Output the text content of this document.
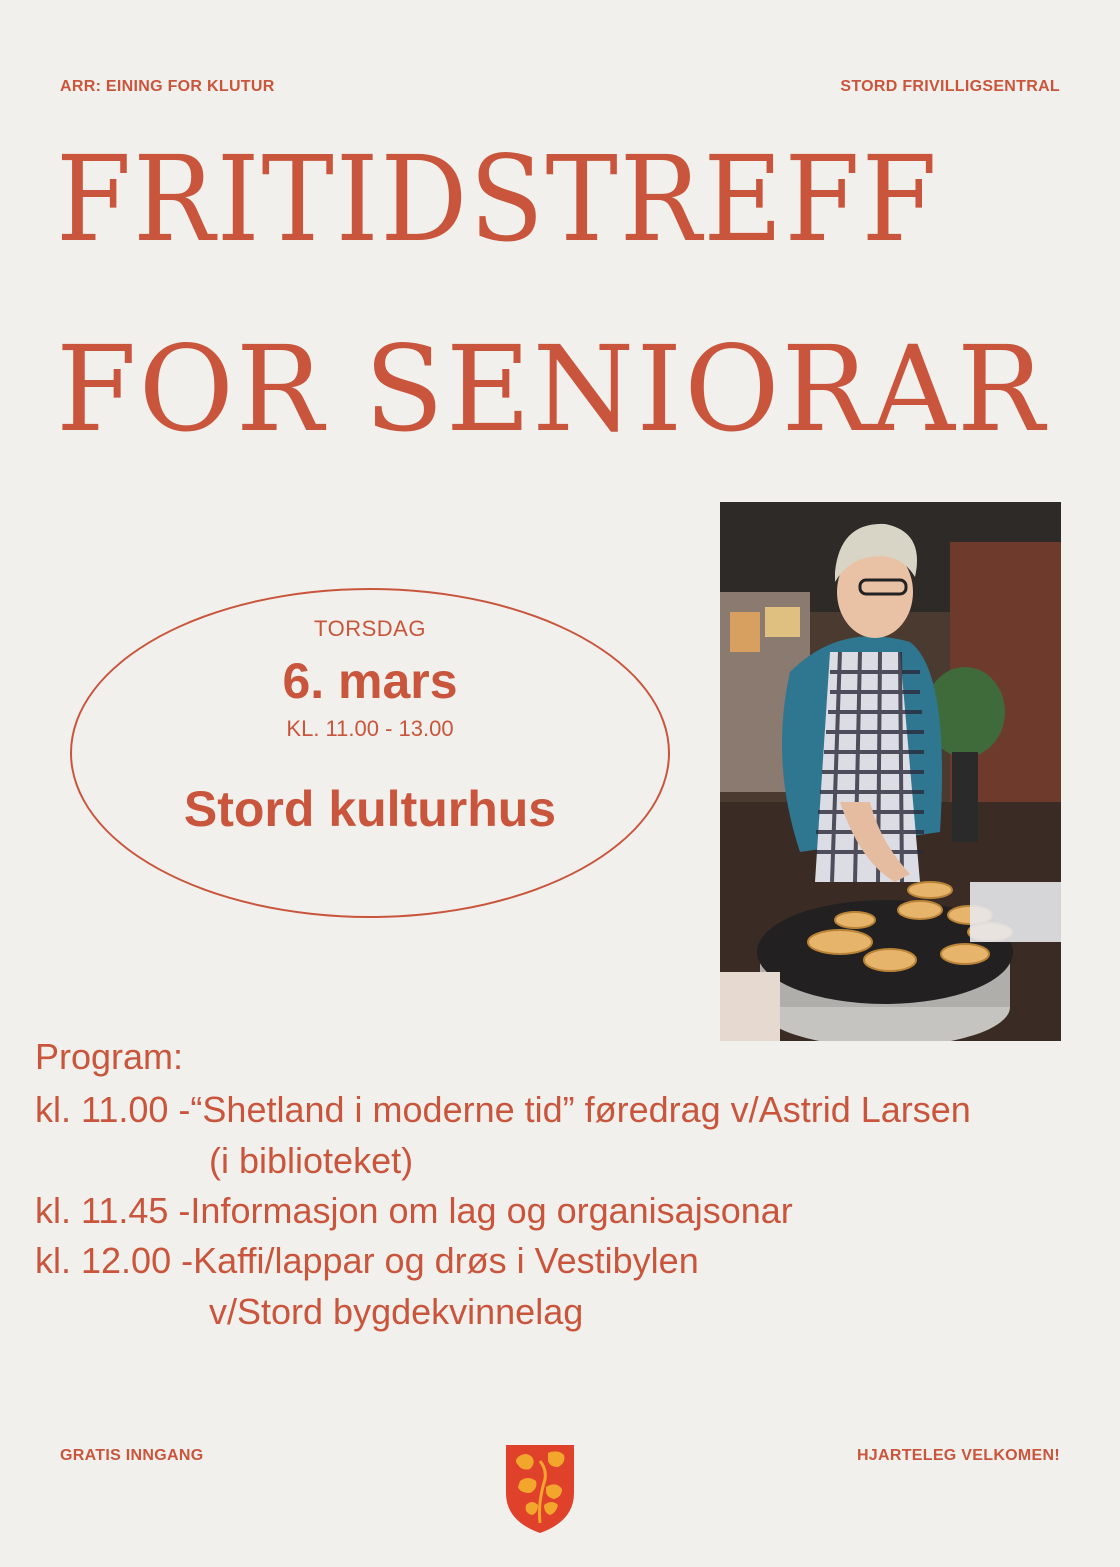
ARR: EINING FOR KLUTUR	STORD FRIVILLIGSENTRAL
FRITIDSTREFF
FOR SENIORAR
TORSDAG
6. mars
KL. 11.00 - 13.00
Stord kulturhus
Program:
kl. 11.00 -“Shetland i moderne tid” føredrag v/Astrid Larsen
(i biblioteket)
kl. 11.45 -Informasjon om lag og organisajsonar
kl. 12.00 -Kaffi/lappar og drøs i Vestibylen
v/Stord bygdekvinnelag
GRATIS INNGANG	HJARTELEG VELKOMEN!
